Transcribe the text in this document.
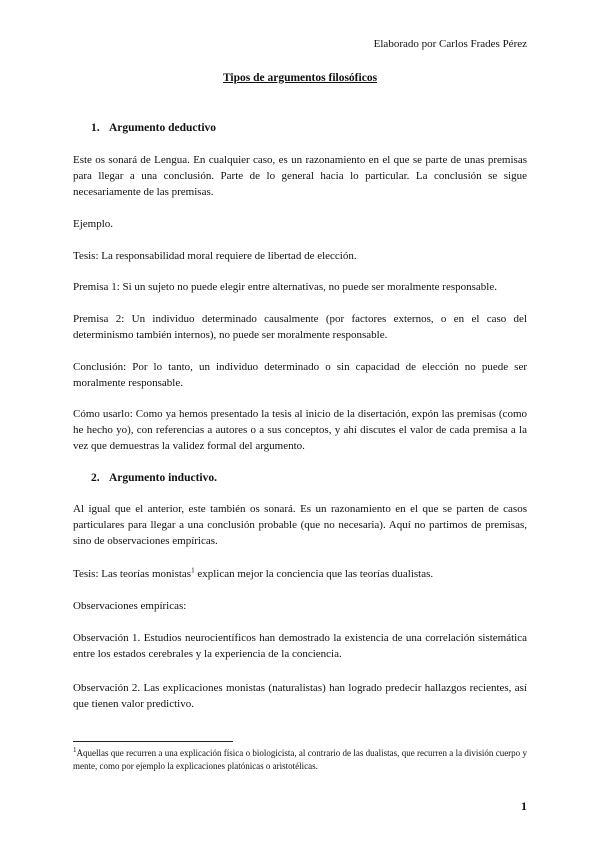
Elaborado por Carlos Frades Pérez
Tipos de argumentos filosóficos
1. Argumento deductivo
Este os sonará de Lengua. En cualquier caso, es un razonamiento en el que se parte de unas premisas para llegar a una conclusión. Parte de lo general hacia lo particular. La conclusión se sigue necesariamente de las premisas.
Ejemplo.
Tesis: La responsabilidad moral requiere de libertad de elección.
Premisa 1: Si un sujeto no puede elegir entre alternativas, no puede ser moralmente responsable.
Premisa 2: Un individuo determinado causalmente (por factores externos, o en el caso del determinismo también internos), no puede ser moralmente responsable.
Conclusión: Por lo tanto, un individuo determinado o sin capacidad de elección no puede ser moralmente responsable.
Cómo usarlo: Como ya hemos presentado la tesis al inicio de la disertación, expón las premisas (como he hecho yo), con referencias a autores o a sus conceptos, y ahí discutes el valor de cada premisa a la vez que demuestras la validez formal del argumento.
2. Argumento inductivo.
Al igual que el anterior, este también os sonará. Es un razonamiento en el que se parten de casos particulares para llegar a una conclusión probable (que no necesaria). Aquí no partimos de premisas, sino de observaciones empíricas.
Tesis: Las teorías monistas$^1$ explican mejor la conciencia que las teorías dualistas.
Observaciones empíricas:
Observación 1. Estudios neurocientíficos han demostrado la existencia de una correlación sistemática entre los estados cerebrales y la experiencia de la conciencia.
Observación 2. Las explicaciones monistas (naturalistas) han logrado predecir hallazgos recientes, así que tienen valor predictivo.
$^1$Aquellas que recurren a una explicación física o biologicista, al contrario de las dualistas, que recurren a la división cuerpo y mente, como por ejemplo la explicaciones platónicas o aristotélicas.
1
